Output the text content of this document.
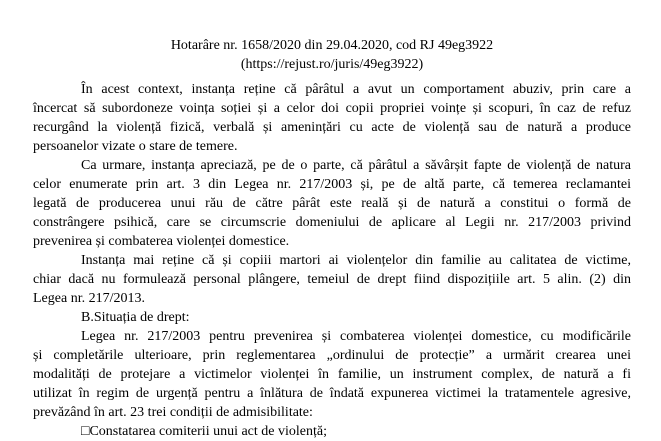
Hotarâre nr. 1658/2020 din 29.04.2020, cod RJ 49eg3922
(https://rejust.ro/juris/49eg3922)
În acest context, instanța reține că pârâtul a avut un comportament abuziv, prin care a
încercat să subordoneze voința soției și a celor doi copii propriei voințe și scopuri, în caz de refuz
recurgând la violență fizică, verbală și amenințări cu acte de violență sau de natură a produce
persoanelor vizate o stare de temere.
Ca urmare, instanța apreciază, pe de o parte, că pârâtul a săvârșit fapte de violență de natura
celor enumerate prin art. 3 din Legea nr. 217/2003 și, pe de altă parte, că temerea reclamantei
legată de producerea unui rău de către pârât este reală și de natură a constitui o formă de
constrângere psihică, care se circumscrie domeniului de aplicare al Legii nr. 217/2003 privind
prevenirea și combaterea violenței domestice.
Instanța mai reține că și copiii martori ai violențelor din familie au calitatea de victime,
chiar dacă nu formulează personal plângere, temeiul de drept fiind dispozițiile art. 5 alin. (2) din
Legea nr. 217/2013.
B.Situația de drept:
Legea nr. 217/2003 pentru prevenirea și combaterea violenței domestice, cu modificările
și completările ulterioare, prin reglementarea „ordinului de protecție” a urmărit crearea unei
modalități de protejare a victimelor violenței în familie, un instrument complex, de natură a fi
utilizat în regim de urgență pentru a înlătura de îndată expunerea victimei la tratamentele agresive,
prevăzând în art. 23 trei condiții de admisibilitate:
□Constatarea comiterii unui act de violență;
